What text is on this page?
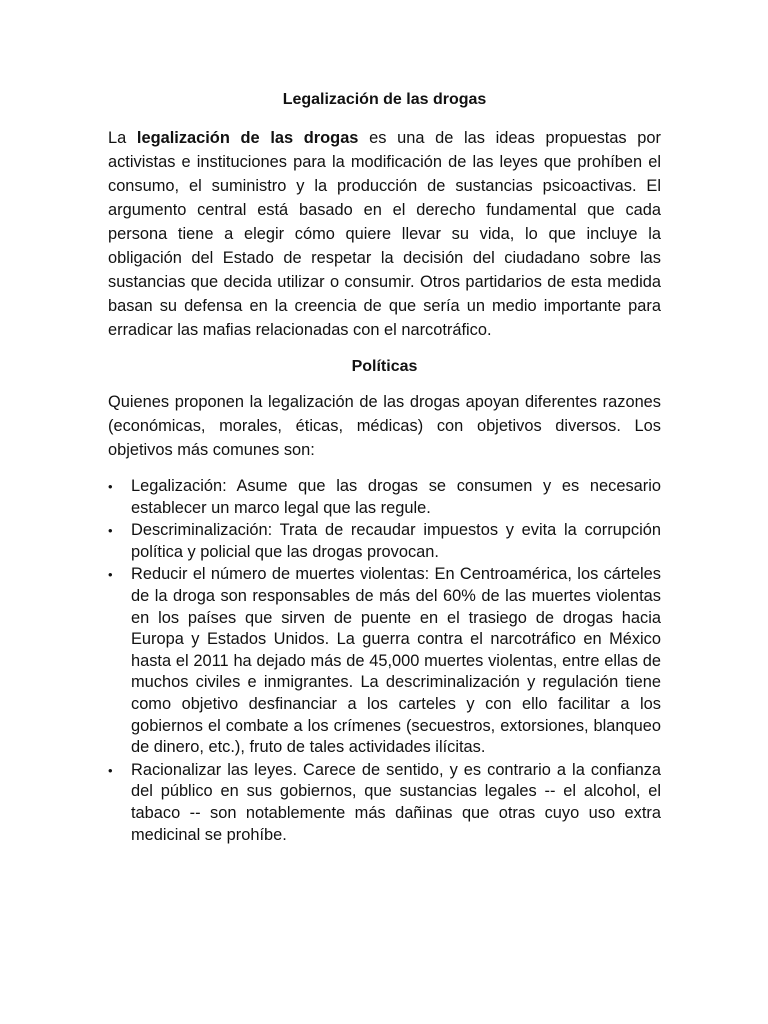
Legalización de las drogas

La legalización de las drogas es una de las ideas propuestas por activistas e instituciones para la modificación de las leyes que prohíben el consumo, el suministro y la producción de sustancias psicoactivas. El argumento central está basado en el derecho fundamental que cada persona tiene a elegir cómo quiere llevar su vida, lo que incluye la obligación del Estado de respetar la decisión del ciudadano sobre las sustancias que decida utilizar o consumir. Otros partidarios de esta medida basan su defensa en la creencia de que sería un medio importante para erradicar las mafias relacionadas con el narcotráfico.

Políticas

Quienes proponen la legalización de las drogas apoyan diferentes razones (económicas, morales, éticas, médicas) con objetivos diversos. Los objetivos más comunes son:

• Legalización: Asume que las drogas se consumen y es necesario establecer un marco legal que las regule.
• Descriminalización: Trata de recaudar impuestos y evita la corrupción política y policial que las drogas provocan.
• Reducir el número de muertes violentas: En Centroamérica, los cárteles de la droga son responsables de más del 60% de las muertes violentas en los países que sirven de puente en el trasiego de drogas hacia Europa y Estados Unidos. La guerra contra el narcotráfico en México hasta el 2011 ha dejado más de 45,000 muertes violentas, entre ellas de muchos civiles e inmigrantes. La descriminalización y regulación tiene como objetivo desfinanciar a los carteles y con ello facilitar a los gobiernos el combate a los crímenes (secuestros, extorsiones, blanqueo de dinero, etc.), fruto de tales actividades ilícitas.
• Racionalizar las leyes. Carece de sentido, y es contrario a la confianza del público en sus gobiernos, que sustancias legales -- el alcohol, el tabaco -- son notablemente más dañinas que otras cuyo uso extra medicinal se prohíbe.
